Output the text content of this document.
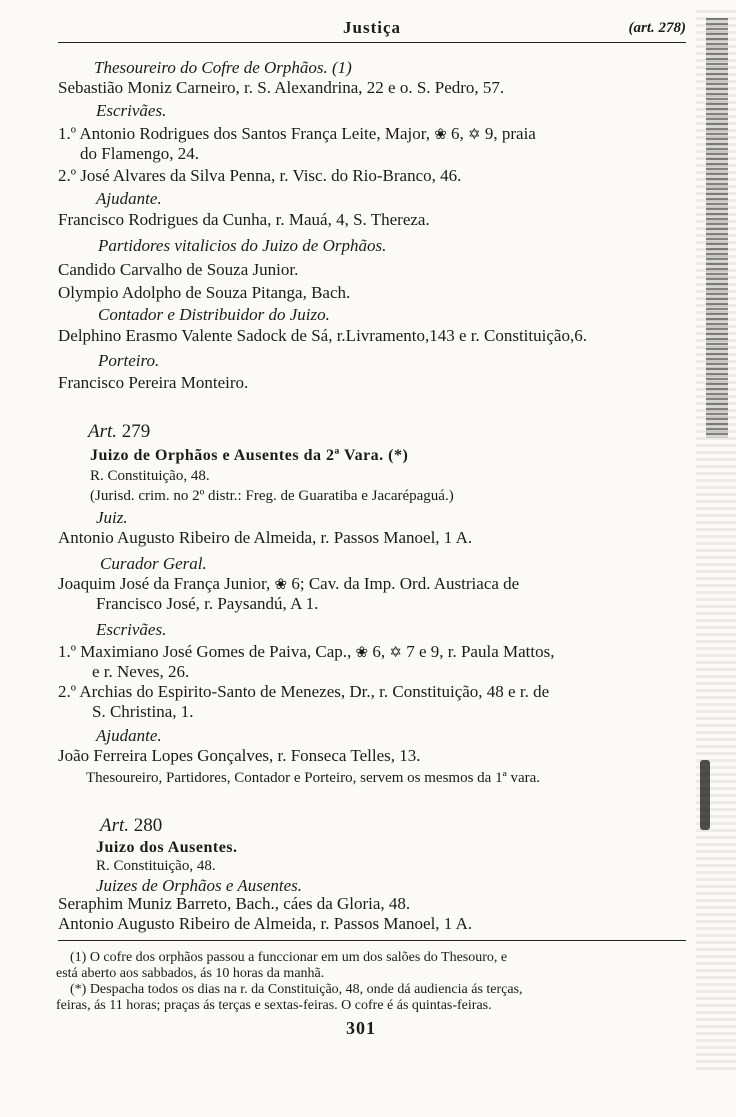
Justiça	(art. 278)
Thesoureiro do Cofre de Orphãos. (1)
Sebastião Moniz Carneiro, r. S. Alexandrina, 22 e o. S. Pedro, 57.
Escrivães.
1.º Antonio Rodrigues dos Santos França Leite, Major, ❀ 6, ✡ 9, praia
do Flamengo, 24.
2.º José Alvares da Silva Penna, r. Visc. do Rio-Branco, 46.
Ajudante.
Francisco Rodrigues da Cunha, r. Mauá, 4, S. Thereza.
Partidores vitalicios do Juizo de Orphãos.
Candido Carvalho de Souza Junior.
Olympio Adolpho de Souza Pitanga, Bach.
Contador e Distribuidor do Juizo.
Delphino Erasmo Valente Sadock de Sá, r.Livramento,143 e r. Constituição,6.
Porteiro.
Francisco Pereira Monteiro.
Art. 279
Juizo de Orphãos e Ausentes da 2ª Vara. (*)
R. Constituição, 48.
(Jurisd. crim. no 2º distr.: Freg. de Guaratiba e Jacarépaguá.)
Juiz.
Antonio Augusto Ribeiro de Almeida, r. Passos Manoel, 1 A.
Curador Geral.
Joaquim José da França Junior, ❀ 6; Cav. da Imp. Ord. Austriaca de
Francisco José, r. Paysandú, A 1.
Escrivães.
1.º Maximiano José Gomes de Paiva, Cap., ❀ 6, ✡ 7 e 9, r. Paula Mattos,
e r. Neves, 26.
2.º Archias do Espirito-Santo de Menezes, Dr., r. Constituição, 48 e r. de
S. Christina, 1.
Ajudante.
João Ferreira Lopes Gonçalves, r. Fonseca Telles, 13.
Thesoureiro, Partidores, Contador e Porteiro, servem os mesmos da 1ª vara.
Art. 280
Juizo dos Ausentes.
R. Constituição, 48.
Juizes de Orphãos e Ausentes.
Seraphim Muniz Barreto, Bach., cáes da Gloria, 48.
Antonio Augusto Ribeiro de Almeida, r. Passos Manoel, 1 A.
(1) O cofre dos orphãos passou a funccionar em um dos salões do Thesouro, e
está aberto aos sabbados, ás 10 horas da manhã.
(*) Despacha todos os dias na r. da Constituição, 48, onde dá audiencia ás terças,
feiras, ás 11 horas; praças ás terças e sextas-feiras. O cofre é ás quintas-feiras.
301
